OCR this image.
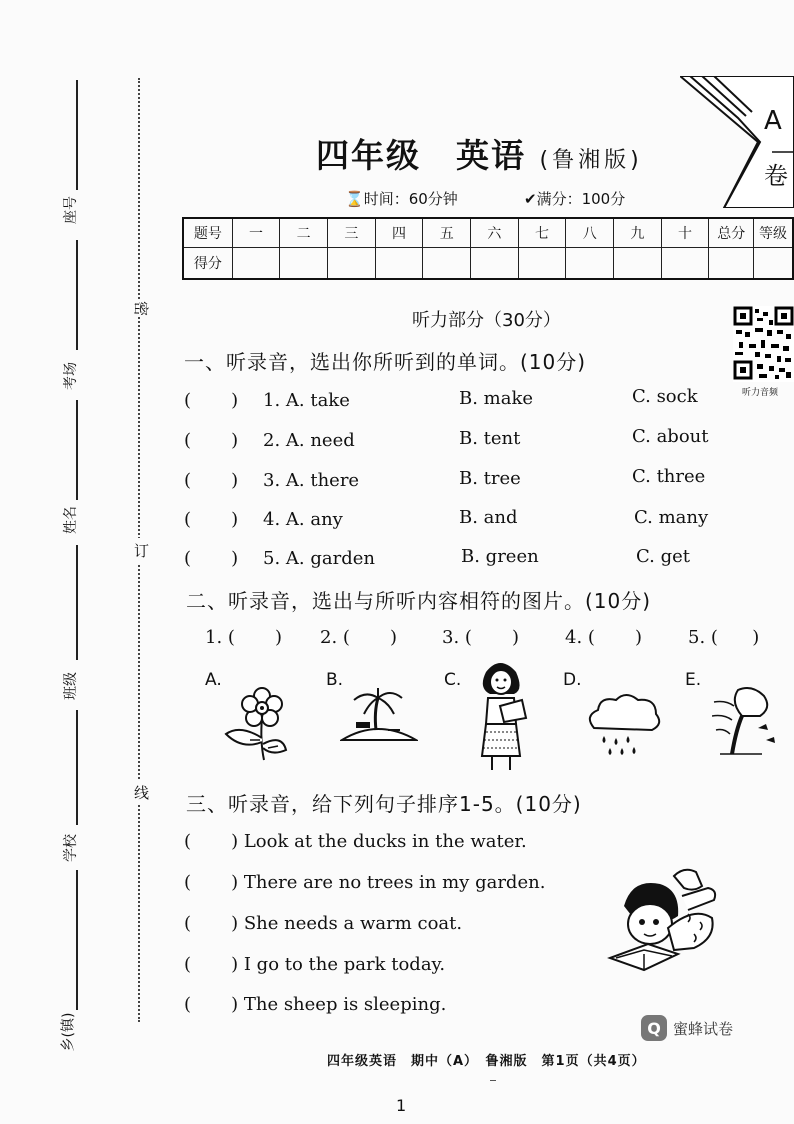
座号
考场
姓名
班级
学校
乡(镇)
密
订
线
A
卷
四年级　英语 (鲁湘版)
⌛时间：60分钟	✔满分：100分
题号	一	二	三	四	五	六	七	八	九	十	总分	等级
得分												
听力部分（30分）
听力音频
一、听录音，选出你所听到的单词。(10分)
(       ) 1. A. take	B. make	C. sock
(       ) 2. A. need	B. tent	C. about
(       ) 3. A. there	B. tree	C. three
(       ) 4. A. any	B. and	C. many
(       ) 5. A. garden	B. green	C. get
二、听录音，选出与所听内容相符的图片。(10分)
1. (       ) 2. (       ) 3. (       )	4. (       )	5. (      )
A.	B.	C.	D.	E.
三、听录音，给下列句子排序1-5。(10分)
(       ) Look at the ducks in the water.
(       ) There are no trees in my garden.
(       ) She needs a warm coat.
(       ) I go to the park today.
(       ) The sheep is sleeping.
Q 蜜蜂试卷
四年级英语　期中（A）　鲁湘版　第1页（共4页）
1
